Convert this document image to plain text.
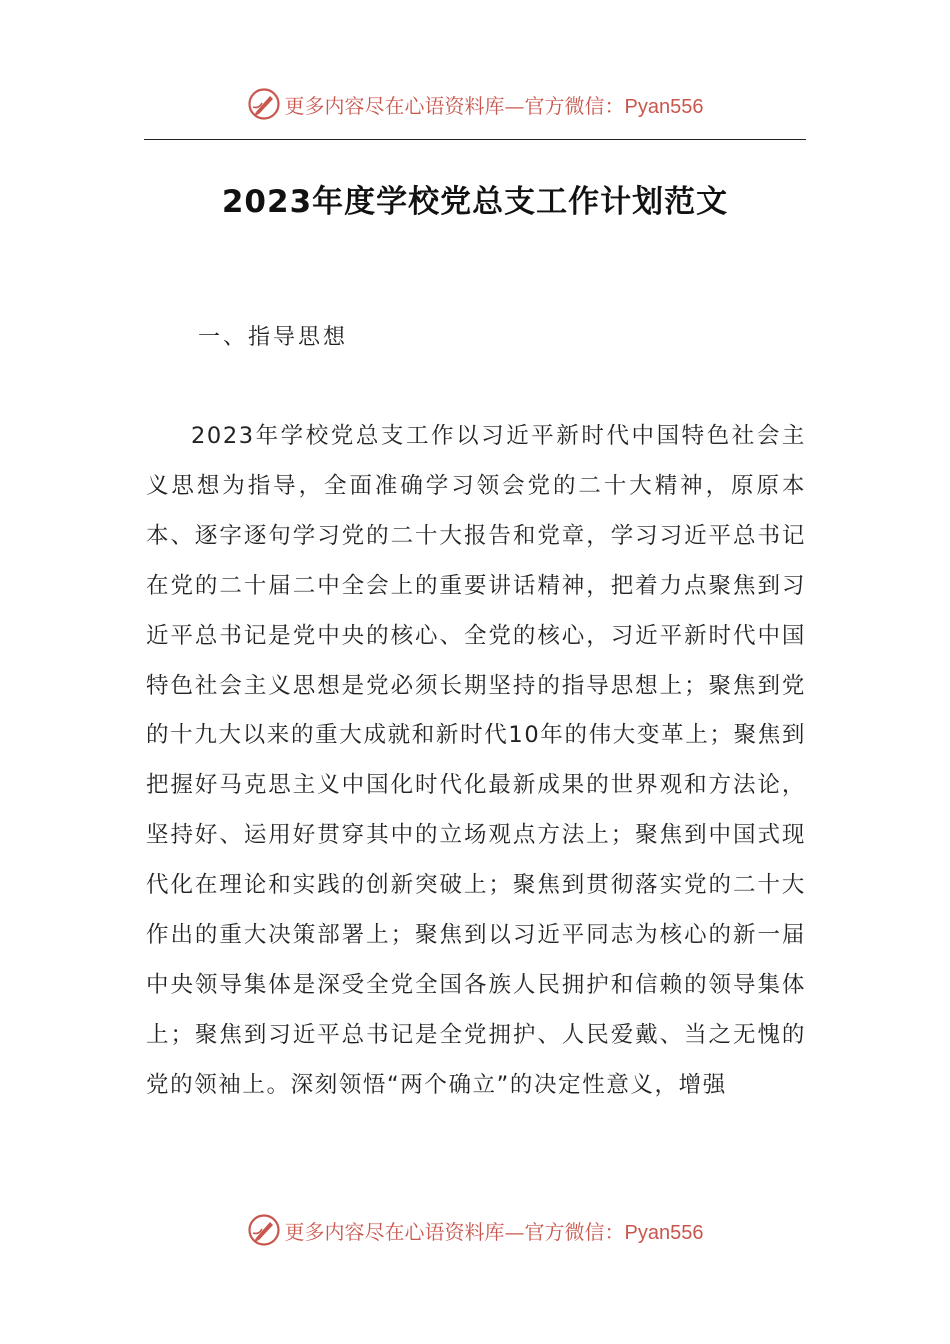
更多内容尽在心语资料库—官方微信：Pyan556
2023年度学校党总支工作计划范文
一、指导思想

2023年学校党总支工作以习近平新时代中国特色社会主义思想为指导，全面准确学习领会党的二十大精神，原原本本、逐字逐句学习党的二十大报告和党章，学习习近平总书记在党的二十届二中全会上的重要讲话精神，把着力点聚焦到习近平总书记是党中央的核心、全党的核心，习近平新时代中国特色社会主义思想是党必须长期坚持的指导思想上；聚焦到党的十九大以来的重大成就和新时代10年的伟大变革上；聚焦到把握好马克思主义中国化时代化最新成果的世界观和方法论，坚持好、运用好贯穿其中的立场观点方法上；聚焦到中国式现代化在理论和实践的创新突破上；聚焦到贯彻落实党的二十大作出的重大决策部署上；聚焦到以习近平同志为核心的新一届中央领导集体是深受全党全国各族人民拥护和信赖的领导集体上；聚焦到习近平总书记是全党拥护、人民爱戴、当之无愧的党的领袖上。深刻领悟“两个确立”的决定性意义，增强

更多内容尽在心语资料库—官方微信：Pyan556
